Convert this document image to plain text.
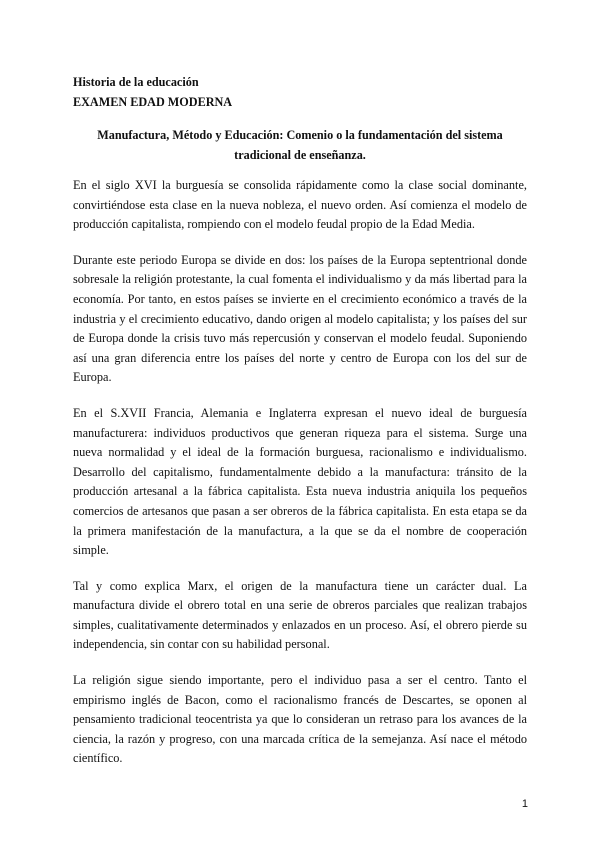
Historia de la educación
EXAMEN EDAD MODERNA
Manufactura, Método y Educación: Comenio o la fundamentación del sistema tradicional de enseñanza.

En el siglo XVI la burguesía se consolida rápidamente como la clase social dominante, convirtiéndose esta clase en la nueva nobleza, el nuevo orden. Así comienza el modelo de producción capitalista, rompiendo con el modelo feudal propio de la Edad Media.

Durante este periodo Europa se divide en dos: los países de la Europa septentrional donde sobresale la religión protestante, la cual fomenta el individualismo y da más libertad para la economía. Por tanto, en estos países se invierte en el crecimiento económico a través de la industria y el crecimiento educativo, dando origen al modelo capitalista; y los países del sur de Europa donde la crisis tuvo más repercusión y conservan el modelo feudal. Suponiendo así una gran diferencia entre los países del norte y centro de Europa con los del sur de Europa.

En el S.XVII Francia, Alemania e Inglaterra expresan el nuevo ideal de burguesía manufacturera: individuos productivos que generan riqueza para el sistema. Surge una nueva normalidad y el ideal de la formación burguesa, racionalismo e individualismo. Desarrollo del capitalismo, fundamentalmente debido a la manufactura: tránsito de la producción artesanal a la fábrica capitalista. Esta nueva industria aniquila los pequeños comercios de artesanos que pasan a ser obreros de la fábrica capitalista. En esta etapa se da la primera manifestación de la manufactura, a la que se da el nombre de cooperación simple.

Tal y como explica Marx, el origen de la manufactura tiene un carácter dual. La manufactura divide el obrero total en una serie de obreros parciales que realizan trabajos simples, cualitativamente determinados y enlazados en un proceso. Así, el obrero pierde su independencia, sin contar con su habilidad personal.

La religión sigue siendo importante, pero el individuo pasa a ser el centro. Tanto el empirismo inglés de Bacon, como el racionalismo francés de Descartes, se oponen al pensamiento tradicional teocentrista ya que lo consideran un retraso para los avances de la ciencia, la razón y progreso, con una marcada crítica de la semejanza. Así nace el método científico.

1
